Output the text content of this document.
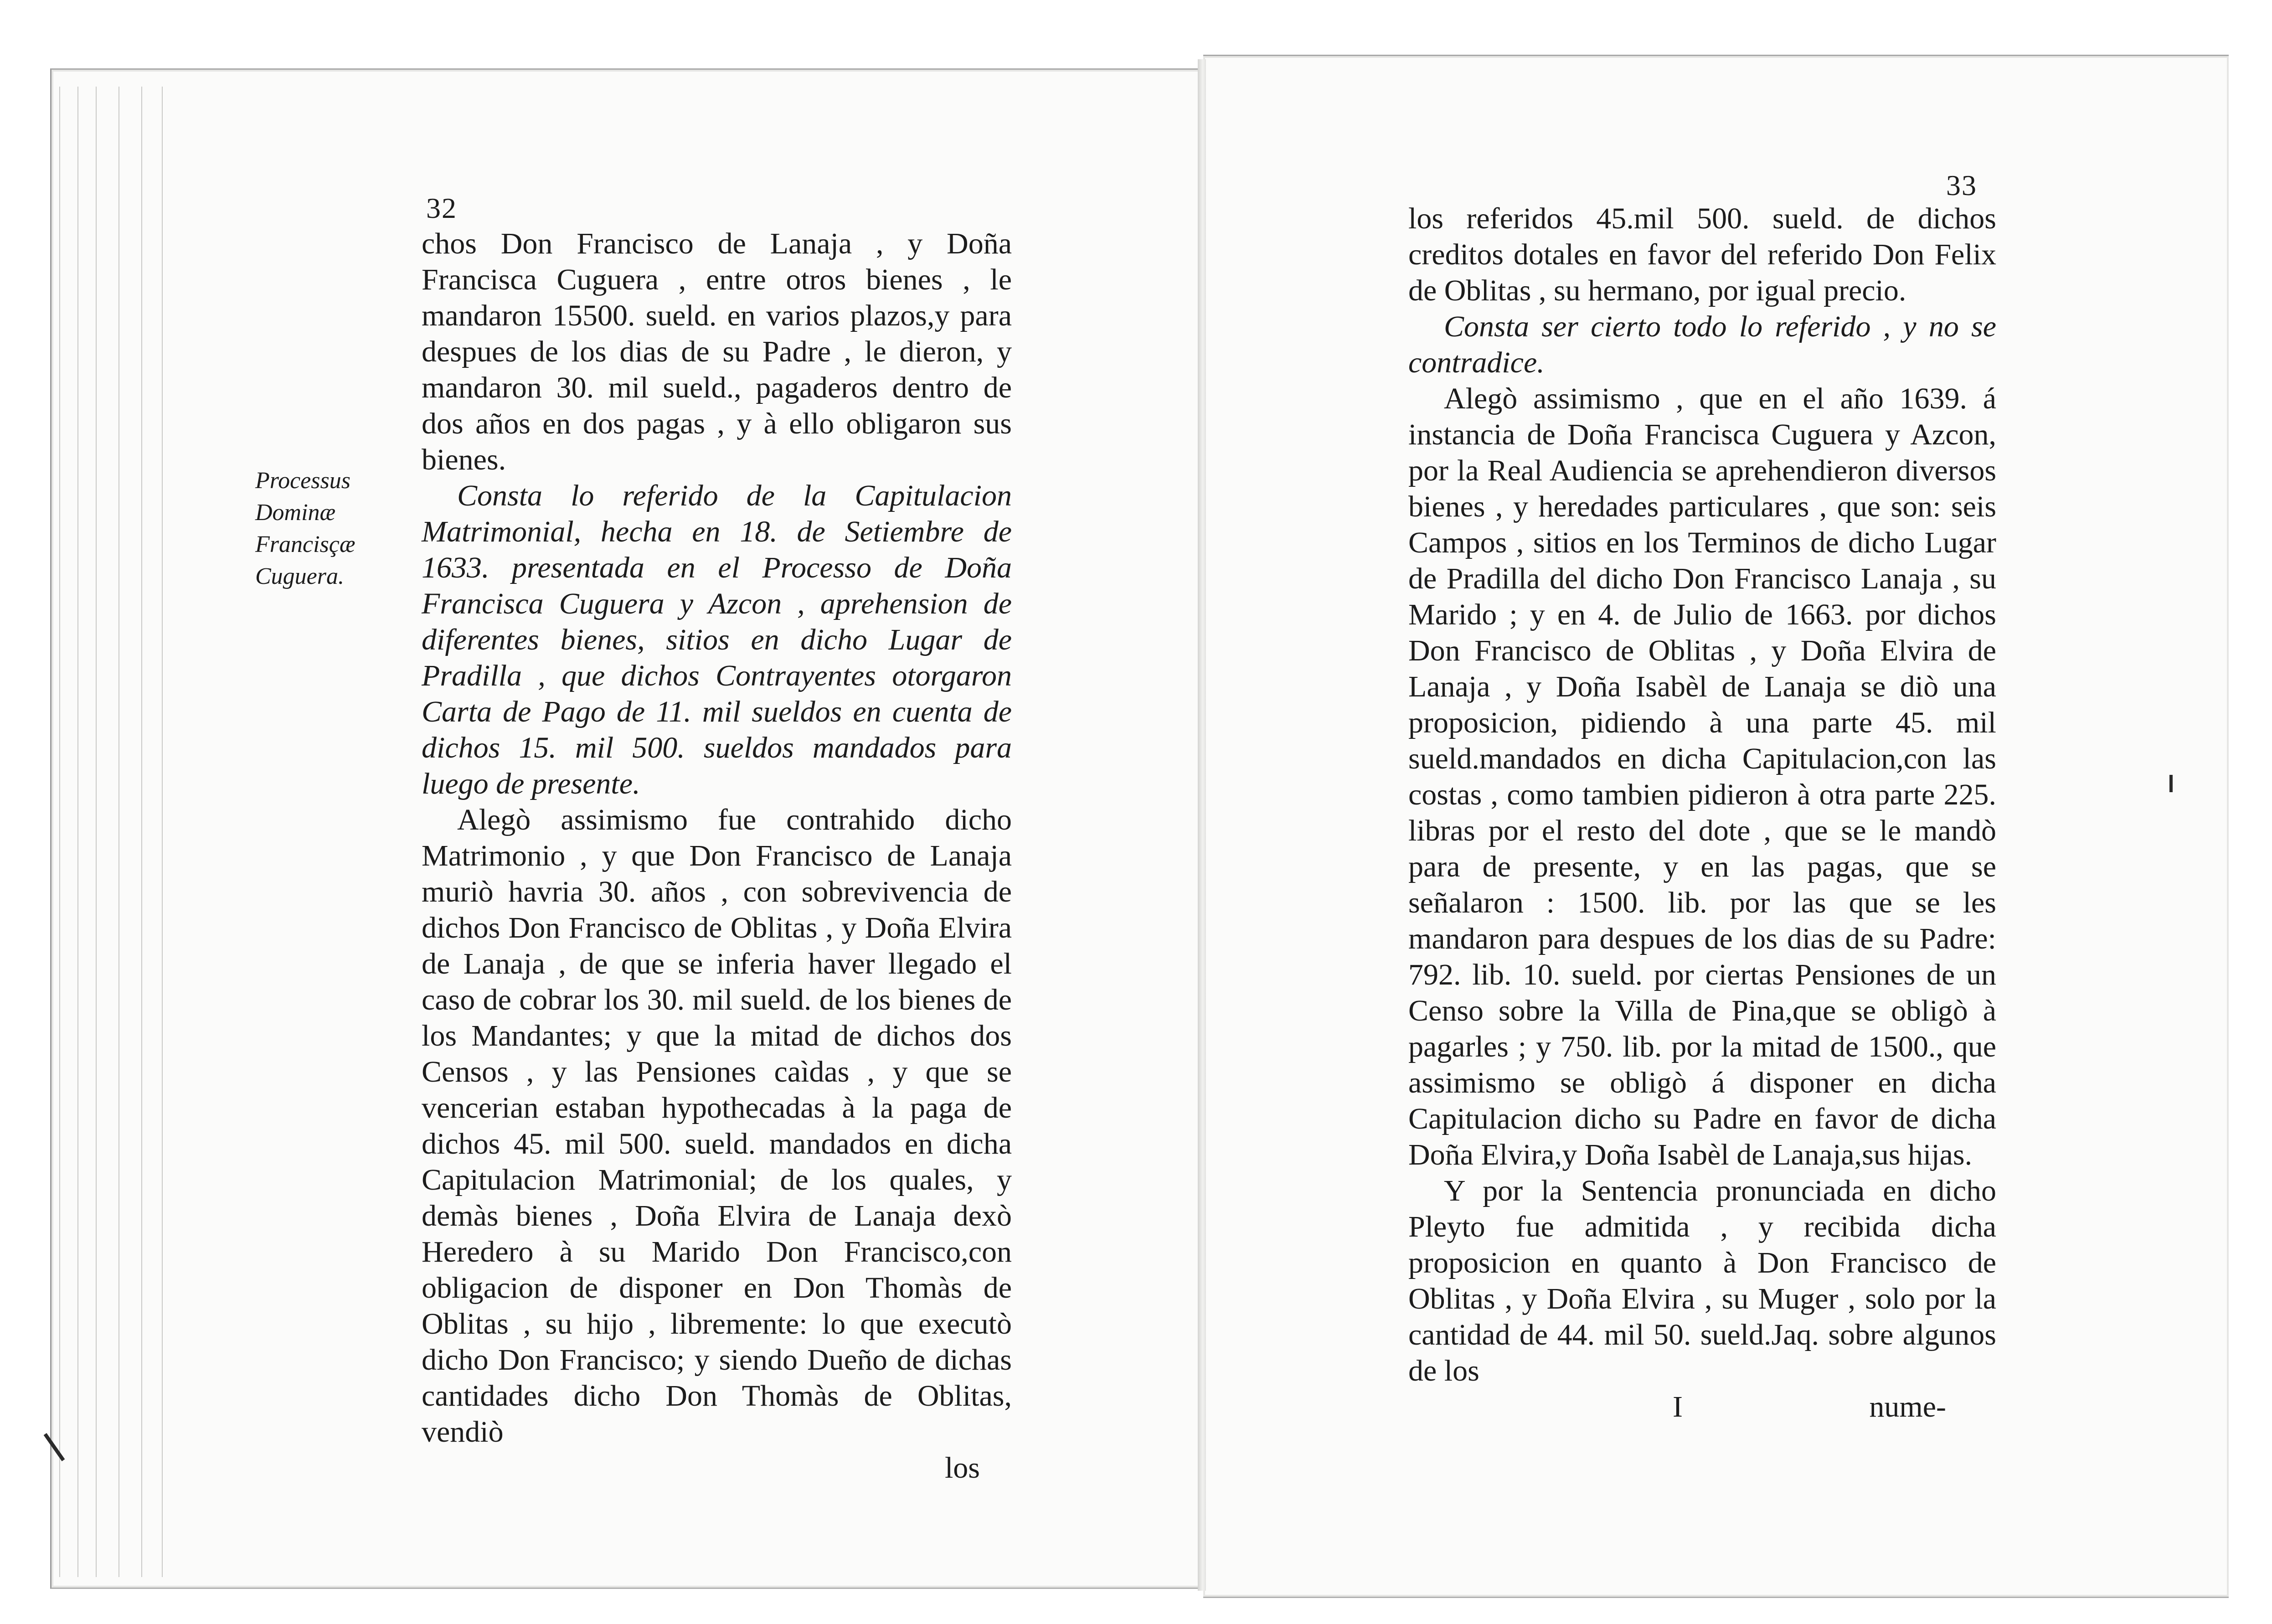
32
Processus Dominæ Francisçæ Cuguera.

chos Don Francisco de Lanaja , y Doña Francisca Cuguera , entre otros bienes , le mandaron 15500. sueld. en varios plazos,y para despues de los dias de su Padre , le dieron, y mandaron 30. mil sueld., pagaderos dentro de dos años en dos pagas , y à ello obligaron sus bienes.

Consta lo referido de la Capitulacion Matrimonial, hecha en 18. de Setiembre de 1633. presentada en el Processo de Doña Francisca Cuguera y Azcon , aprehension de diferentes bienes, sitios en dicho Lugar de Pradilla , que dichos Contrayentes otorgaron Carta de Pago de 11. mil sueldos en cuenta de dichos 15. mil 500. sueldos mandados para luego de presente.

Alegò assimismo fue contrahido dicho Matrimonio , y que Don Francisco de Lanaja muriò havria 30. años , con sobrevivencia de dichos Don Francisco de Oblitas , y Doña Elvira de Lanaja , de que se inferia haver llegado el caso de cobrar los 30. mil sueld. de los bienes de los Mandantes; y que la mitad de dichos dos Censos , y las Pensiones caìdas , y que se vencerian estaban hypothecadas à la paga de dichos 45. mil 500. sueld. mandados en dicha Capitulacion Matrimonial; de los quales, y demàs bienes , Doña Elvira de Lanaja dexò Heredero à su Marido Don Francisco,con obligacion de disponer en Don Thomàs de Oblitas , su hijo , libremente: lo que executò dicho Don Francisco; y siendo Dueño de dichas cantidades dicho Don Thomàs de Oblitas, vendiò

los

33

los referidos 45.mil 500. sueld. de dichos creditos dotales en favor del referido Don Felix de Oblitas , su hermano, por igual precio.

Consta ser cierto todo lo referido , y no se contradice.

Alegò assimismo , que en el año 1639. á instancia de Doña Francisca Cuguera y Azcon, por la Real Audiencia se aprehendieron diversos bienes , y heredades particulares , que son: seis Campos , sitios en los Terminos de dicho Lugar de Pradilla del dicho Don Francisco Lanaja , su Marido ; y en 4. de Julio de 1663. por dichos Don Francisco de Oblitas , y Doña Elvira de Lanaja , y Doña Isabèl de Lanaja se diò una proposicion, pidiendo à una parte 45. mil sueld.mandados en dicha Capitulacion,con las costas , como tambien pidieron à otra parte 225. libras por el resto del dote , que se le mandò para de presente, y en las pagas, que se señalaron : 1500. lib. por las que se les mandaron para despues de los dias de su Padre: 792. lib. 10. sueld. por ciertas Pensiones de un Censo sobre la Villa de Pina,que se obligò à pagarles ; y 750. lib. por la mitad de 1500., que assimismo se obligò á disponer en dicha Capitulacion dicho su Padre en favor de dicha Doña Elvira,y Doña Isabèl de Lanaja,sus hijas.

Y por la Sentencia pronunciada en dicho Pleyto fue admitida , y recibida dicha proposicion en quanto à Don Francisco de Oblitas , y Doña Elvira , su Muger , solo por la cantidad de 44. mil 50. sueld.Jaq. sobre algunos de los

I	nume-
